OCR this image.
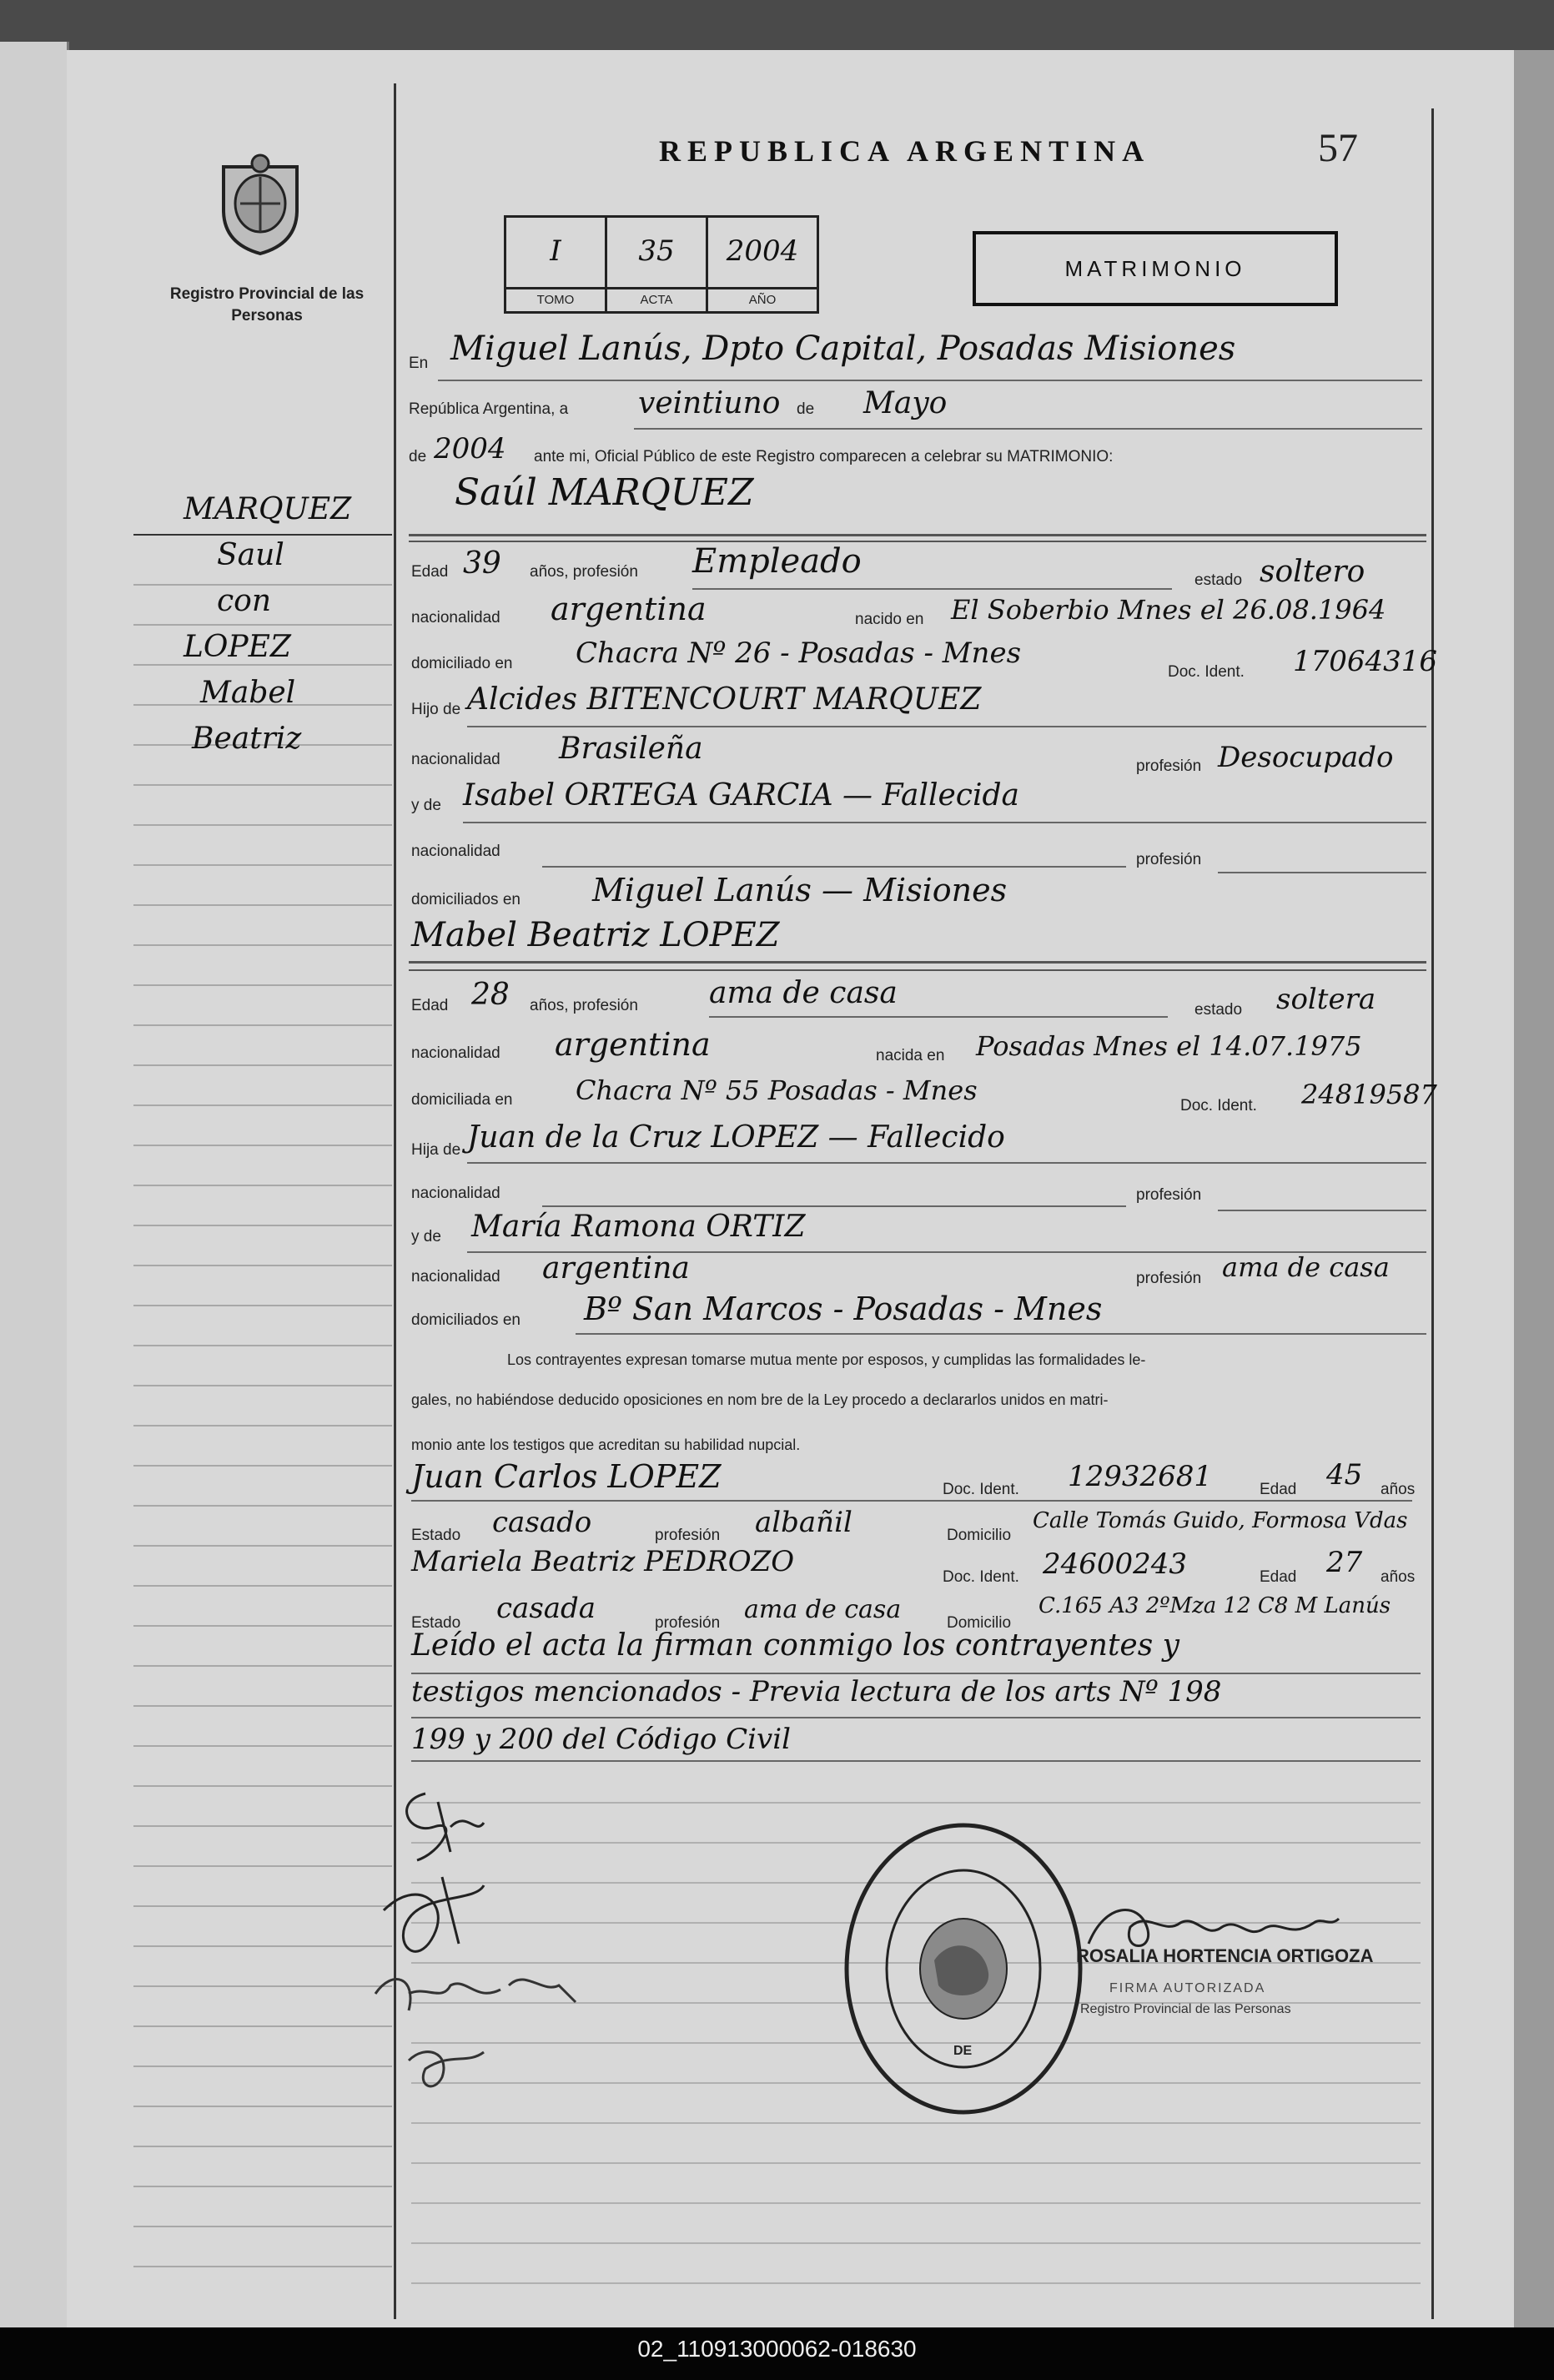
Registro Provincial de las Personas
REPUBLICA ARGENTINA	57
I
TOMO
35
ACTA
2004
AÑO
MATRIMONIO
MARQUEZ
Saul
con
LOPEZ
Mabel
Beatriz
En Miguel Lanús, Dpto Capital, Posadas Misiones
República Argentina, a veintiuno de Mayo
de 2004 ante mi, Oficial Público de este Registro comparecen a celebrar su MATRIMONIO:
Saúl MARQUEZ
Edad 39 años, profesión Empleado	estado soltero
nacionalidad argentina	nacido en El Soberbio Mnes el 26.08.1964
domiciliado en Chacra Nº 26 - Posadas - Mnes
Doc. Ident. 17064316
Hijo de Alcides BITENCOURT MARQUEZ
nacionalidad Brasileña
profesión Desocupado
y de Isabel ORTEGA GARCIA — Fallecida
nacionalidad	profesión
domiciliados en Miguel Lanús — Misiones
Mabel Beatriz LOPEZ
Edad 28 años, profesión ama de casa	estado soltera
nacionalidad argentina	nacida en Posadas Mnes el 14.07.1975
domiciliada en Chacra Nº 55 Posadas - Mnes	Doc. Ident. 24819587
Hija de Juan de la Cruz LOPEZ — Fallecido
nacionalidad	profesión
y de María Ramona ORTIZ
nacionalidad argentina	profesión ama de casa
domiciliados en Bº San Marcos - Posadas - Mnes
Los contrayentes expresan tomarse mutua mente por esposos, y cumplidas las formalidades le-
gales, no habiéndose deducido oposiciones en nom bre de la Ley procedo a declararlos unidos en matri-
monio ante los testigos que acreditan su habilidad nupcial.
Juan Carlos LOPEZ	Doc. Ident. 12932681	Edad 45 años
Estado casado	profesión albañil	Domicilio
Calle Tomás Guido, Formosa Vdas
Mariela Beatriz PEDROZO	Doc. Ident. 24600243	Edad 27 años
Estado casada	profesión ama de casa	Domicilio
C.165 A3 2ºMza 12 C8 M Lanús
Leído el acta la firman conmigo los contrayentes y
testigos mencionados - Previa lectura de los arts Nº 198
199 y 200 del Código Civil
DE
ROSALIA HORTENCIA ORTIGOZA
FIRMA AUTORIZADA
Registro Provincial de las Personas
02_110913000062-018630
